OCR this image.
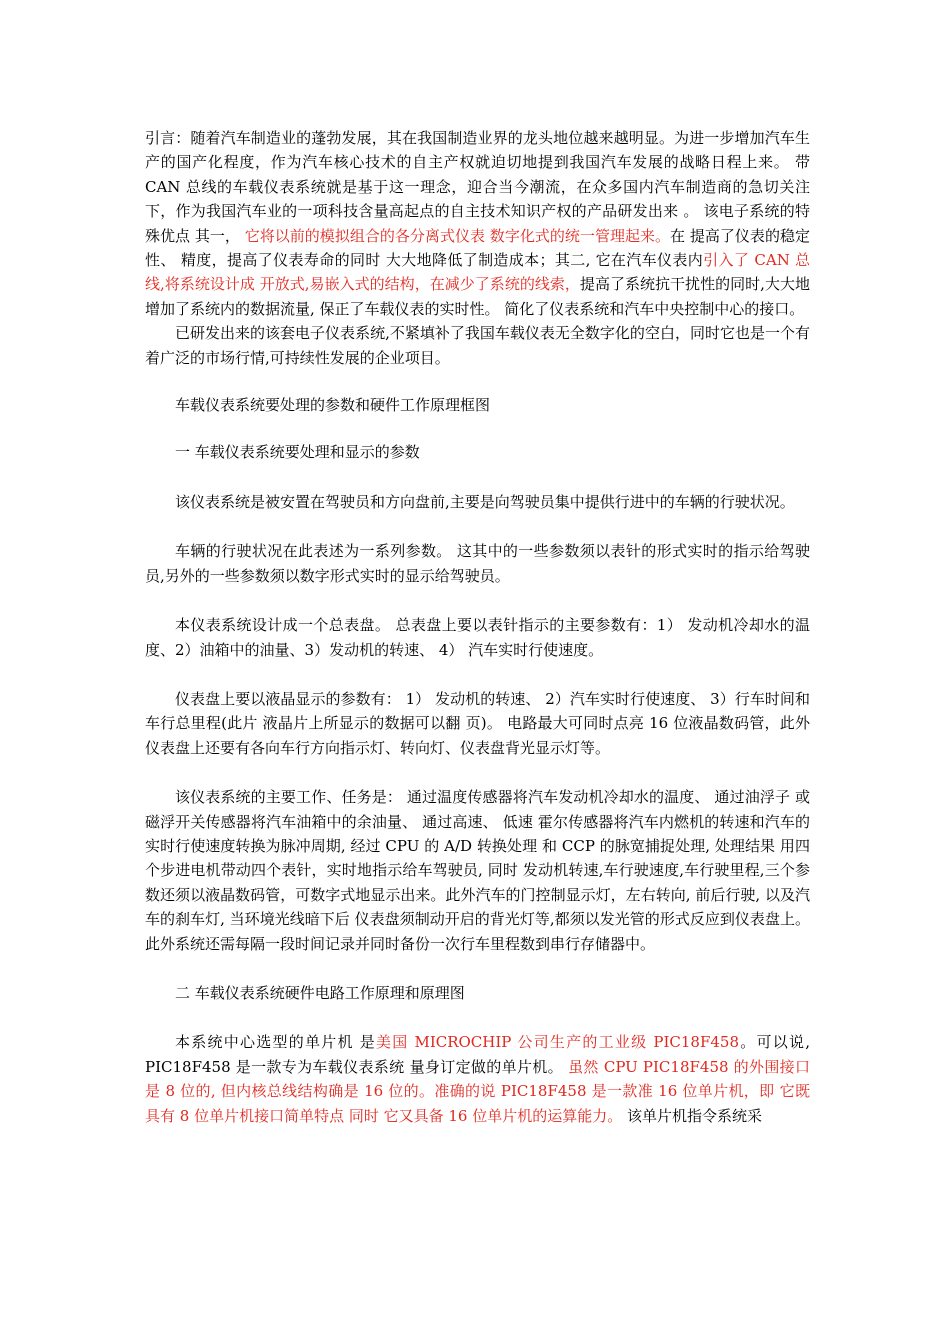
引言：随着汽车制造业的蓬勃发展，其在我国制造业界的龙头地位越来越明显。为进一步增加汽车生产的国产化程度，作为汽车核心技术的自主产权就迫切地提到我国汽车发展的战略日程上来。 带 CAN 总线的车载仪表系统就是基于这一理念，迎合当今潮流，在众多国内汽车制造商的急切关注下，作为我国汽车业的一项科技含量高起点的自主技术知识产权的产品研发出来 。 该电子系统的特殊优点 其一， 它将以前的模拟组合的各分离式仪表 数字化式的统一管理起来。在 提高了仪表的稳定性、 精度，提高了仪表寿命的同时 大大地降低了制造成本；其二, 它在汽车仪表内引入了 CAN 总线,将系统设计成 开放式,易嵌入式的结构，在减少了系统的线索，提高了系统抗干扰性的同时,大大地增加了系统内的数据流量, 保正了车载仪表的实时性。 简化了仪表系统和汽车中央控制中心的接口。

已研发出来的该套电子仪表系统,不紧填补了我国车载仪表无全数字化的空白，同时它也是一个有着广泛的市场行情,可持续性发展的企业项目。

车载仪表系统要处理的参数和硬件工作原理框图

一 车载仪表系统要处理和显示的参数

该仪表系统是被安置在驾驶员和方向盘前,主要是向驾驶员集中提供行进中的车辆的行驶状况。

车辆的行驶状况在此表述为一系列参数。 这其中的一些参数须以表针的形式实时的指示给驾驶员,另外的一些参数须以数字形式实时的显示给驾驶员。

本仪表系统设计成一个总表盘。 总表盘上要以表针指示的主要参数有：1） 发动机冷却水的温度、2）油箱中的油量、3）发动机的转速、 4） 汽车实时行使速度。

仪表盘上要以液晶显示的参数有： 1） 发动机的转速、 2）汽车实时行使速度、 3）行车时间和车行总里程(此片 液晶片上所显示的数据可以翻 页)。 电路最大可同时点亮 16 位液晶数码管，此外 仪表盘上还要有各向车行方向指示灯、转向灯、仪表盘背光显示灯等。

该仪表系统的主要工作、任务是： 通过温度传感器将汽车发动机冷却水的温度、 通过油浮子 或 磁浮开关传感器将汽车油箱中的余油量、 通过高速、 低速 霍尔传感器将汽车内燃机的转速和汽车的实时行使速度转换为脉冲周期, 经过 CPU 的 A/D 转换处理 和 CCP 的脉宽捕捉处理, 处理结果 用四个步进电机带动四个表针，实时地指示给车驾驶员, 同时 发动机转速,车行驶速度,车行驶里程,三个参数还须以液晶数码管，可数字式地显示出来。此外汽车的门控制显示灯，左右转向, 前后行驶, 以及汽车的刹车灯, 当环境光线暗下后 仪表盘须制动开启的背光灯等,都须以发光管的形式反应到仪表盘上。此外系统还需每隔一段时间记录并同时备份一次行车里程数到串行存储器中。

二 车载仪表系统硬件电路工作原理和原理图

本系统中心选型的单片机 是美国 MICROCHIP 公司生产的工业级 PIC18F458。可以说, PIC18F458 是一款专为车载仪表系统 量身订定做的单片机。 虽然 CPU PIC18F458 的外围接口是 8 位的, 但内核总线结构确是 16 位的。准确的说 PIC18F458 是一款准 16 位单片机，即 它既具有 8 位单片机接口简单特点 同时 它又具备 16 位单片机的运算能力。 该单片机指令系统采
